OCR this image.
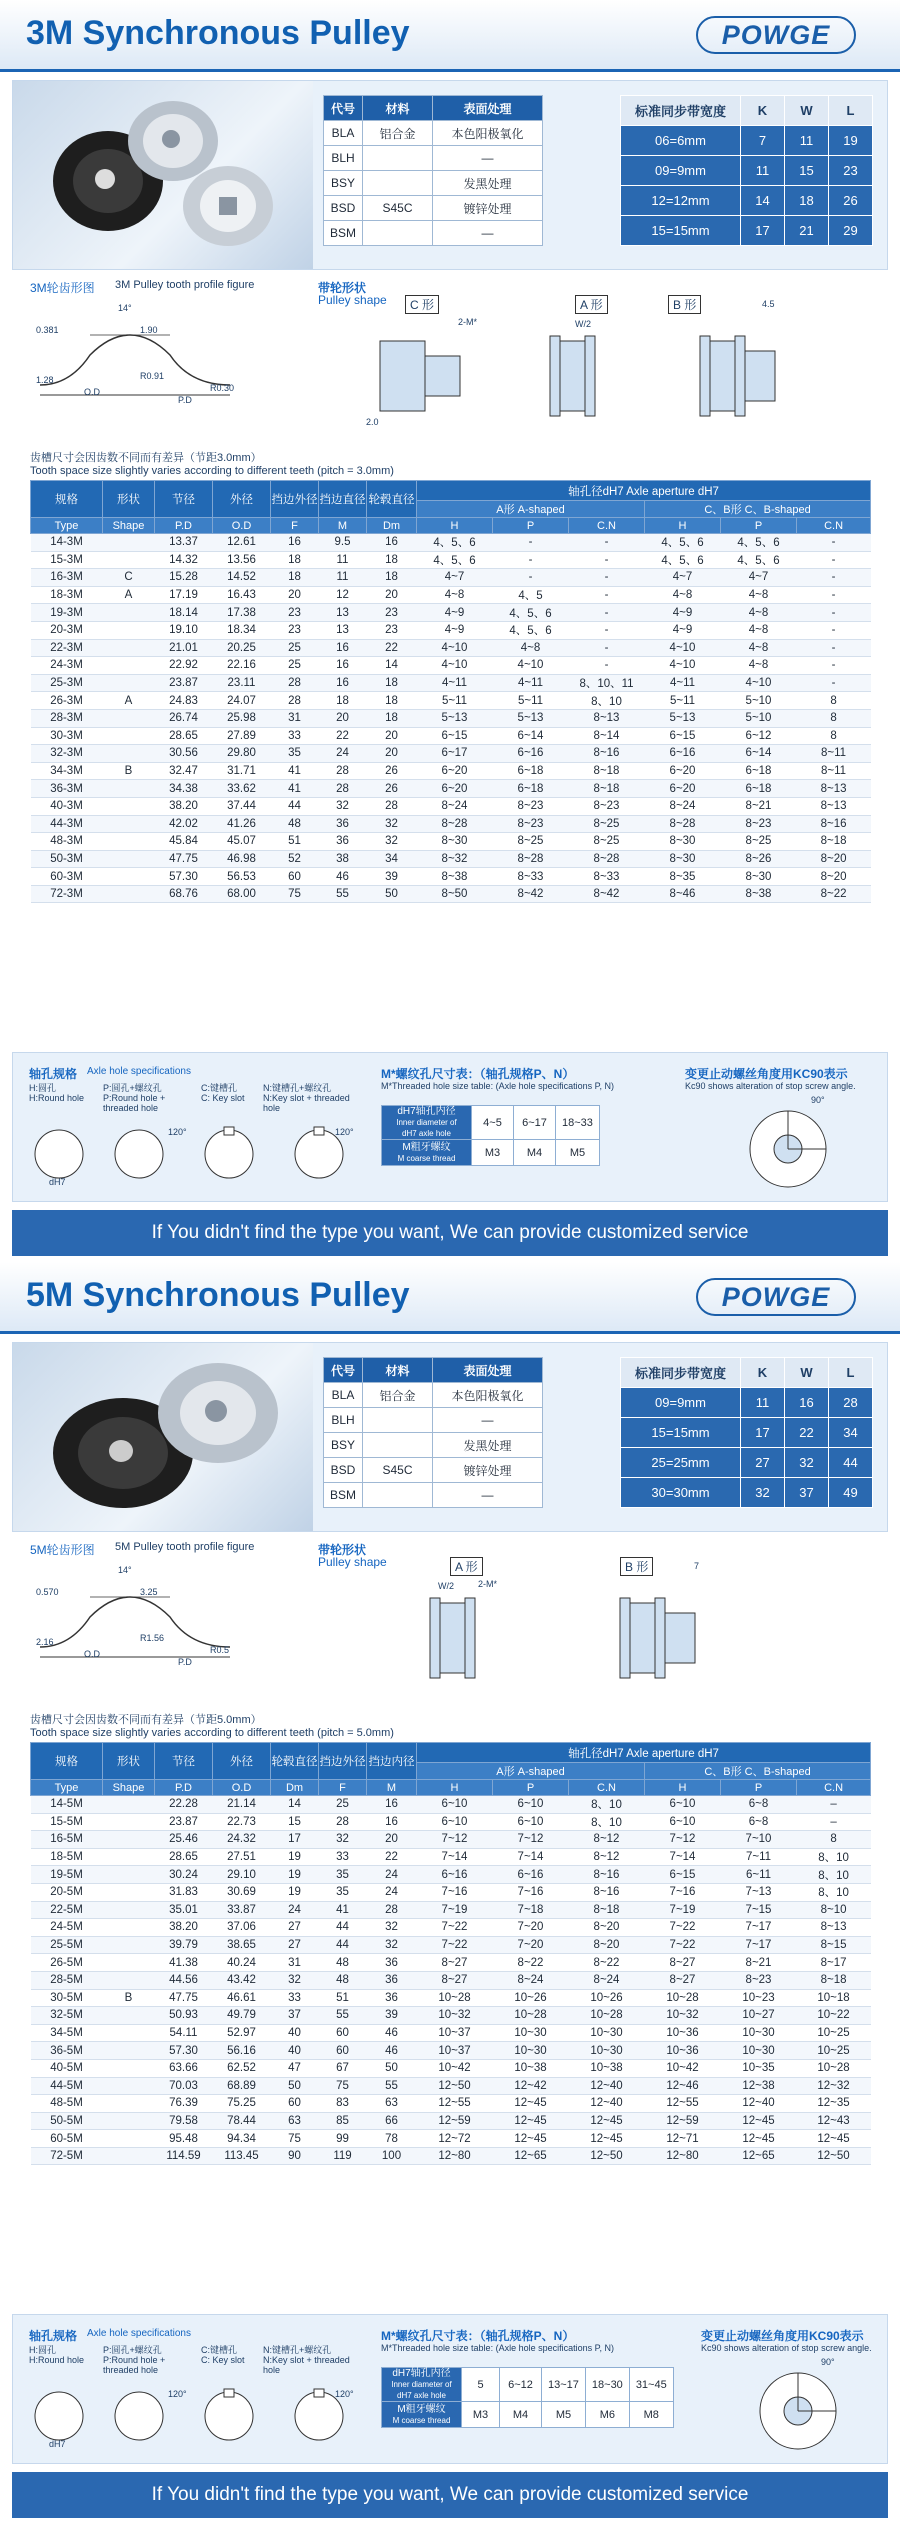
3M Synchronous Pulley	POWGE
代号	材料	表面处理
BLA	铝合金	本色阳极氧化
BLH		—
BSY		发黑处理
BSD	S45C	镀锌处理
BSM		—
标准同步带宽度	K	W	L
06=6mm	7	11	19
09=9mm	11	15	23
12=12mm	14	18	26
15=15mm	17	21	29
3M轮齿形图 3M Pulley tooth profile figure
0.381
14°
1.90
1.28	R0.91
R0.30
O.D
P.D
带轮形状
Pulley shape	C 形	A 形	B 形
2-M*
2.0
4.5
W/2
齿槽尺寸会因齿数不同而有差异（节距3.0mm）
Tooth space size slightly varies according to different teeth (pitch = 3.0mm)
规格	形状	节径	外径	挡边外径	挡边直径	轮毂直径	轴孔径dH7 Axle aperture dH7					
							A形 A-shaped			C、B形 C、B-shaped		
Type	Shape	P.D	O.D	F	M	Dm	H	P	C.N	H	P	C.N
14-3M		13.37	12.61	16	9.5	16	4、5、6	-	-	4、5、6	4、5、6	-
15-3M		14.32	13.56	18	11	18	4、5、6	-	-	4、5、6	4、5、6	-
16-3M	C	15.28	14.52	18	11	18	4~7	-	-	4~7	4~7	-
18-3M	A	17.19	16.43	20	12	20	4~8	4、5	-	4~8	4~8	-
19-3M		18.14	17.38	23	13	23	4~9	4、5、6	-	4~9	4~8	-
20-3M		19.10	18.34	23	13	23	4~9	4、5、6	-	4~9	4~8	-
22-3M		21.01	20.25	25	16	22	4~10	4~8	-	4~10	4~8	-
24-3M		22.92	22.16	25	16	14	4~10	4~10	-	4~10	4~8	-
25-3M		23.87	23.11	28	16	18	4~11	4~11	8、10、11	4~11	4~10	-
26-3M	A	24.83	24.07	28	18	18	5~11	5~11	8、10	5~11	5~10	8
28-3M		26.74	25.98	31	20	18	5~13	5~13	8~13	5~13	5~10	8
30-3M		28.65	27.89	33	22	20	6~15	6~14	8~14	6~15	6~12	8
32-3M		30.56	29.80	35	24	20	6~17	6~16	8~16	6~16	6~14	8~11
34-3M	B	32.47	31.71	41	28	26	6~20	6~18	8~18	6~20	6~18	8~11
36-3M		34.38	33.62	41	28	26	6~20	6~18	8~18	6~20	6~18	8~13
40-3M		38.20	37.44	44	32	28	8~24	8~23	8~23	8~24	8~21	8~13
44-3M		42.02	41.26	48	36	32	8~28	8~23	8~25	8~28	8~23	8~16
48-3M		45.84	45.07	51	36	32	8~30	8~25	8~25	8~30	8~25	8~18
50-3M		47.75	46.98	52	38	34	8~32	8~28	8~28	8~30	8~26	8~20
60-3M		57.30	56.53	60	46	39	8~38	8~33	8~33	8~35	8~30	8~20
72-3M		68.76	68.00	75	55	50	8~50	8~42	8~42	8~46	8~38	8~22
轴孔规格 Axle hole specifications
H:圆孔	P:圆孔+螺纹孔	C:键槽孔	N:键槽孔+螺纹孔
H:Round hole	P:Round hole + threaded hole
C: Key slot	N:Key slot + threaded hole
dH7
120°	120°
M*螺纹孔尺寸表：（轴孔规格P、N）
M*Threaded hole size table: (Axle hole specifications P, N)
dH7轴孔内径
Inner diameter of dH7 axle hole	4~5	6~17	18~33
M粗牙螺纹
M coarse thread	M3	M4	M5
变更止动螺丝角度用KC90表示
Kc90 shows alteration of stop screw angle.
90°
If You didn't find the type you want, We can provide customized service
5M Synchronous Pulley	POWGE
代号	材料	表面处理
BLA	铝合金	本色阳极氧化
BLH		—
BSY		发黑处理
BSD	S45C	镀锌处理
BSM		—
标准同步带宽度	K	W	L
09=9mm	11	16	28
15=15mm	17	22	34
25=25mm	27	32	44
30=30mm	32	37	49
5M轮齿形图 5M Pulley tooth profile figure
0.570
14°
3.25
2.16	R1.56
R0.5
O.D
P.D
带轮形状
Pulley shape	A 形	B 形
2-M*
7
W/2
齿槽尺寸会因齿数不同而有差异（节距5.0mm）
Tooth space size slightly varies according to different teeth (pitch = 5.0mm)
规格	形状	节径	外径	轮毂直径	挡边外径	挡边内径	轴孔径dH7 Axle aperture dH7					
							A形 A-shaped			C、B形 C、B-shaped		
Type	Shape	P.D	O.D	Dm	F	M	H	P	C.N	H	P	C.N
14-5M		22.28	21.14	14	25	16	6~10	6~10	8、10	6~10	6~8	–
15-5M		23.87	22.73	15	28	16	6~10	6~10	8、10	6~10	6~8	–
16-5M		25.46	24.32	17	32	20	7~12	7~12	8~12	7~12	7~10	8
18-5M		28.65	27.51	19	33	22	7~14	7~14	8~12	7~14	7~11	8、10
19-5M		30.24	29.10	19	35	24	6~16	6~16	8~16	6~15	6~11	8、10
20-5M		31.83	30.69	19	35	24	7~16	7~16	8~16	7~16	7~13	8、10
22-5M		35.01	33.87	24	41	28	7~19	7~18	8~18	7~19	7~15	8~10
24-5M		38.20	37.06	27	44	32	7~22	7~20	8~20	7~22	7~17	8~13
25-5M		39.79	38.65	27	44	32	7~22	7~20	8~20	7~22	7~17	8~15
26-5M		41.38	40.24	31	48	36	8~27	8~22	8~22	8~27	8~21	8~17
28-5M		44.56	43.42	32	48	36	8~27	8~24	8~24	8~27	8~23	8~18
30-5M	B	47.75	46.61	33	51	36	10~28	10~26	10~26	10~28	10~23	10~18
32-5M		50.93	49.79	37	55	39	10~32	10~28	10~28	10~32	10~27	10~22
34-5M		54.11	52.97	40	60	46	10~37	10~30	10~30	10~36	10~30	10~25
36-5M		57.30	56.16	40	60	46	10~37	10~30	10~30	10~36	10~30	10~25
40-5M		63.66	62.52	47	67	50	10~42	10~38	10~38	10~42	10~35	10~28
44-5M		70.03	68.89	50	75	55	12~50	12~42	12~40	12~46	12~38	12~32
48-5M		76.39	75.25	60	83	63	12~55	12~45	12~40	12~55	12~40	12~35
50-5M		79.58	78.44	63	85	66	12~59	12~45	12~45	12~59	12~45	12~43
60-5M		95.48	94.34	75	99	78	12~72	12~45	12~45	12~71	12~45	12~45
72-5M		114.59	113.45	90	119	100	12~80	12~65	12~50	12~80	12~65	12~50
轴孔规格 Axle hole specifications
H:圆孔	P:圆孔+螺纹孔	C:键槽孔	N:键槽孔+螺纹孔
H:Round hole	P:Round hole + threaded hole
C: Key slot	N:Key slot + threaded hole
dH7
120°	120°
M*螺纹孔尺寸表：（轴孔规格P、N）
M*Threaded hole size table: (Axle hole specifications P, N)
dH7轴孔内径
Inner diameter of dH7 axle hole	5	6~12	13~17	18~30	31~45
M粗牙螺纹
M coarse thread	M3	M4	M5	M6	M8
变更止动螺丝角度用KC90表示
Kc90 shows alteration of stop screw angle.
90°
If You didn't find the type you want, We can provide customized service
